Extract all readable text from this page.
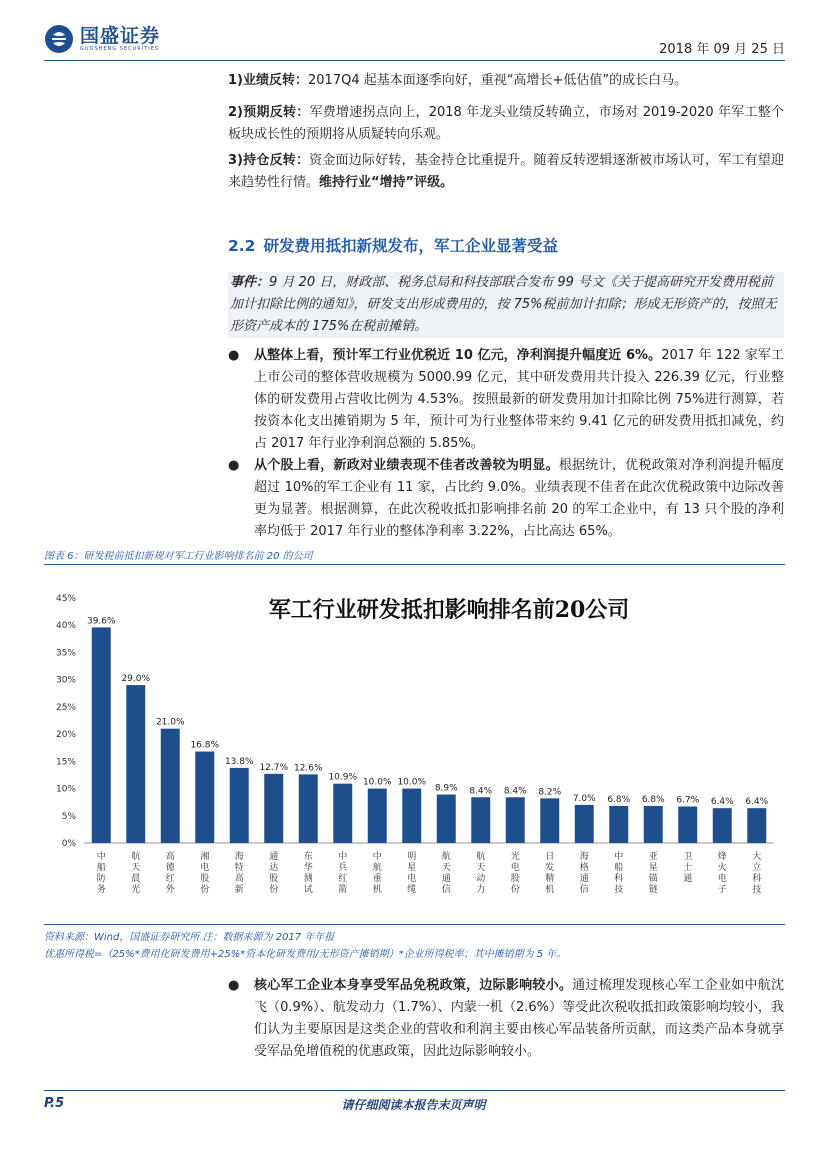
国盛证券
GUOSHENG SECURITIES	2018 年 09 月 25 日
1)业绩反转：2017Q4 起基本面逐季向好，重视“高增长+低估值”的成长白马。
2)预期反转：军费增速拐点向上，2018 年龙头业绩反转确立，市场对 2019-2020 年军工整个板块成长性的预期将从质疑转向乐观。
3)持仓反转：资金面边际好转，基金持仓比重提升。随着反转逻辑逐渐被市场认可，军工有望迎来趋势性行情。维持行业“增持”评级。
2.2 研发费用抵扣新规发布，军工企业显著受益
事件：9 月 20 日，财政部、税务总局和科技部联合发布 99 号文《关于提高研究开发费用税前加计扣除比例的通知》，研发支出形成费用的，按 75%税前加计扣除；形成无形资产的，按照无形资产成本的 175%在税前摊销。
● 从整体上看，预计军工行业优税近 10 亿元，净利润提升幅度近 6%。2017 年 122 家军工上市公司的整体营收规模为 5000.99 亿元，其中研发费用共计投入 226.39 亿元，行业整体的研发费用占营收比例为 4.53%。按照最新的研发费用加计扣除比例 75%进行测算，若按资本化支出摊销期为 5 年，预计可为行业整体带来约 9.41 亿元的研发费用抵扣减免，约占 2017 年行业净利润总额的 5.85%。
● 从个股上看，新政对业绩表现不佳者改善较为明显。根据统计，优税政策对净利润提升幅度超过 10%的军工企业有 11 家，占比约 9.0%。业绩表现不佳者在此次优税政策中边际改善更为显著。根据测算，在此次税收抵扣影响排名前 20 的军工企业中，有 13 只个股的净利率均低于 2017 年行业的整体净利率 3.22%，占比高达 65%。
图表 6：研发税前抵扣新规对军工行业影响排名前 20 的公司
军工行业研发抵扣影响排名前20公司
0%
5%
10%
15%
20%
25%
30%
35%
40%
45%
39.6%
中船防务
29.0%
航天晨光
21.0%
高德红外
16.8%
湘电股份
13.8%
海特高新
12.7%
通达股份
12.6%
东华测试
10.9%
中兵红箭
10.0%
中航重机
10.0%
明星电缆
8.9%
航天通信
8.4%
航天动力
8.4%
光电股份
8.2%
日发精机
7.0%
海格通信
6.8%
中船科技
6.8%
亚星锚链
6.7%
卫士通
6.4%
烽火电子
6.4%
大立科技
资料来源：Wind，国盛证券研究所 注：数据来源为 2017 年年报
优惠所得税=（25%*费用化研发费用+25%*资本化研发费用/无形资产摊销期）*企业所得税率；其中摊销期为 5 年。
● 核心军工企业本身享受军品免税政策，边际影响较小。通过梳理发现核心军工企业如中航沈飞（0.9%）、航发动力（1.7%）、内蒙一机（2.6%）等受此次税收抵扣政策影响均较小，我们认为主要原因是这类企业的营收和利润主要由核心军品装备所贡献，而这类产品本身就享受军品免增值税的优惠政策，因此边际影响较小。
P.5	请仔细阅读本报告末页声明
